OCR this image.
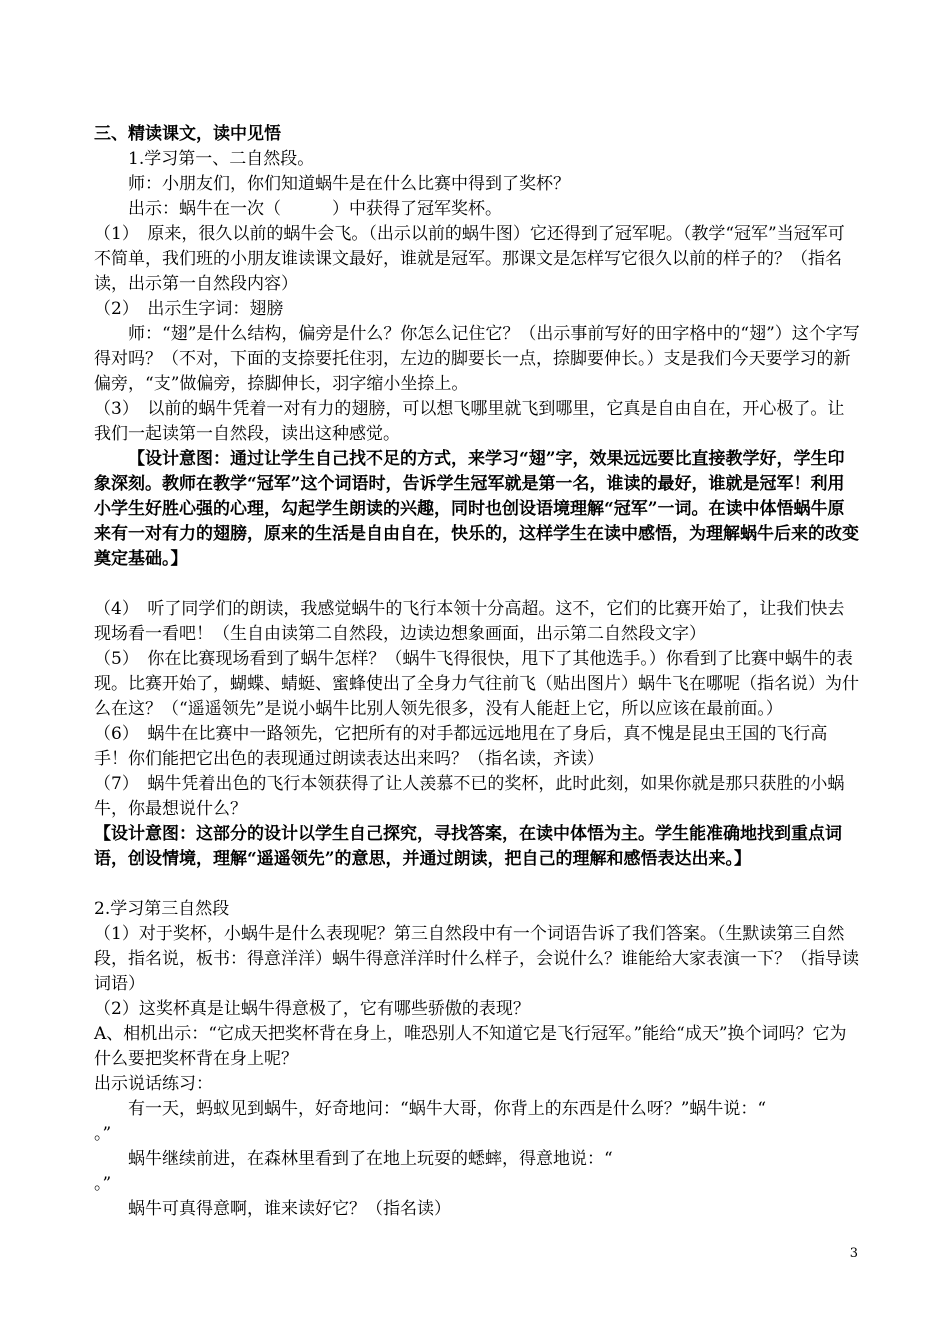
三、精读课文，读中见悟
1.学习第一、二自然段。
师：小朋友们，你们知道蜗牛是在什么比赛中得到了奖杯？
出示：蜗牛在一次（　　　）中获得了冠军奖杯。
（1）　原来，很久以前的蜗牛会飞。（出示以前的蜗牛图）它还得到了冠军呢。（教学“冠军”当冠军可不简单，我们班的小朋友谁读课文最好，谁就是冠军。那课文是怎样写它很久以前的样子的？（指名读，出示第一自然段内容）
（2）　出示生字词：翅膀
师：“翅”是什么结构，偏旁是什么？你怎么记住它？（出示事前写好的田字格中的“翅”）这个字写得对吗？（不对，下面的支捺要托住羽，左边的脚要长一点，捺脚要伸长。）支是我们今天要学习的新偏旁，“支”做偏旁，捺脚伸长，羽字缩小坐捺上。
（3）　以前的蜗牛凭着一对有力的翅膀，可以想飞哪里就飞到哪里，它真是自由自在，开心极了。让我们一起读第一自然段，读出这种感觉。
【设计意图：通过让学生自己找不足的方式，来学习“翅”字，效果远远要比直接教学好，学生印象深刻。教师在教学“冠军”这个词语时，告诉学生冠军就是第一名，谁读的最好，谁就是冠军！利用小学生好胜心强的心理，勾起学生朗读的兴趣，同时也创设语境理解“冠军”一词。在读中体悟蜗牛原来有一对有力的翅膀，原来的生活是自由自在，快乐的，这样学生在读中感悟，为理解蜗牛后来的改变奠定基础。】
（4）　听了同学们的朗读，我感觉蜗牛的飞行本领十分高超。这不，它们的比赛开始了，让我们快去现场看一看吧！（生自由读第二自然段，边读边想象画面，出示第二自然段文字）
（5）　你在比赛现场看到了蜗牛怎样？（蜗牛飞得很快，甩下了其他选手。）你看到了比赛中蜗牛的表现。比赛开始了，蝴蝶、蜻蜓、蜜蜂使出了全身力气往前飞（贴出图片）蜗牛飞在哪呢（指名说）为什么在这？（“遥遥领先”是说小蜗牛比别人领先很多，没有人能赶上它，所以应该在最前面。）
（6）　蜗牛在比赛中一路领先，它把所有的对手都远远地甩在了身后，真不愧是昆虫王国的飞行高手！你们能把它出色的表现通过朗读表达出来吗？（指名读，齐读）
（7）　蜗牛凭着出色的飞行本领获得了让人羡慕不已的奖杯，此时此刻，如果你就是那只获胜的小蜗牛，你最想说什么？
【设计意图：这部分的设计以学生自己探究，寻找答案，在读中体悟为主。学生能准确地找到重点词语，创设情境，理解“遥遥领先”的意思，并通过朗读，把自己的理解和感悟表达出来。】
2.学习第三自然段
（1）对于奖杯，小蜗牛是什么表现呢？第三自然段中有一个词语告诉了我们答案。（生默读第三自然段，指名说，板书：得意洋洋）蜗牛得意洋洋时什么样子，会说什么？谁能给大家表演一下？（指导读词语）
（2）这奖杯真是让蜗牛得意极了，它有哪些骄傲的表现？
A、相机出示：“它成天把奖杯背在身上，唯恐别人不知道它是飞行冠军。”能给“成天”换个词吗？它为什么要把奖杯背在身上呢？
出示说话练习：
有一天，蚂蚁见到蜗牛，好奇地问：“蜗牛大哥，你背上的东西是什么呀？”蜗牛说：“
。”
蜗牛继续前进，在森林里看到了在地上玩耍的蟋蟀，得意地说：“
。”
蜗牛可真得意啊，谁来读好它？（指名读）
3
